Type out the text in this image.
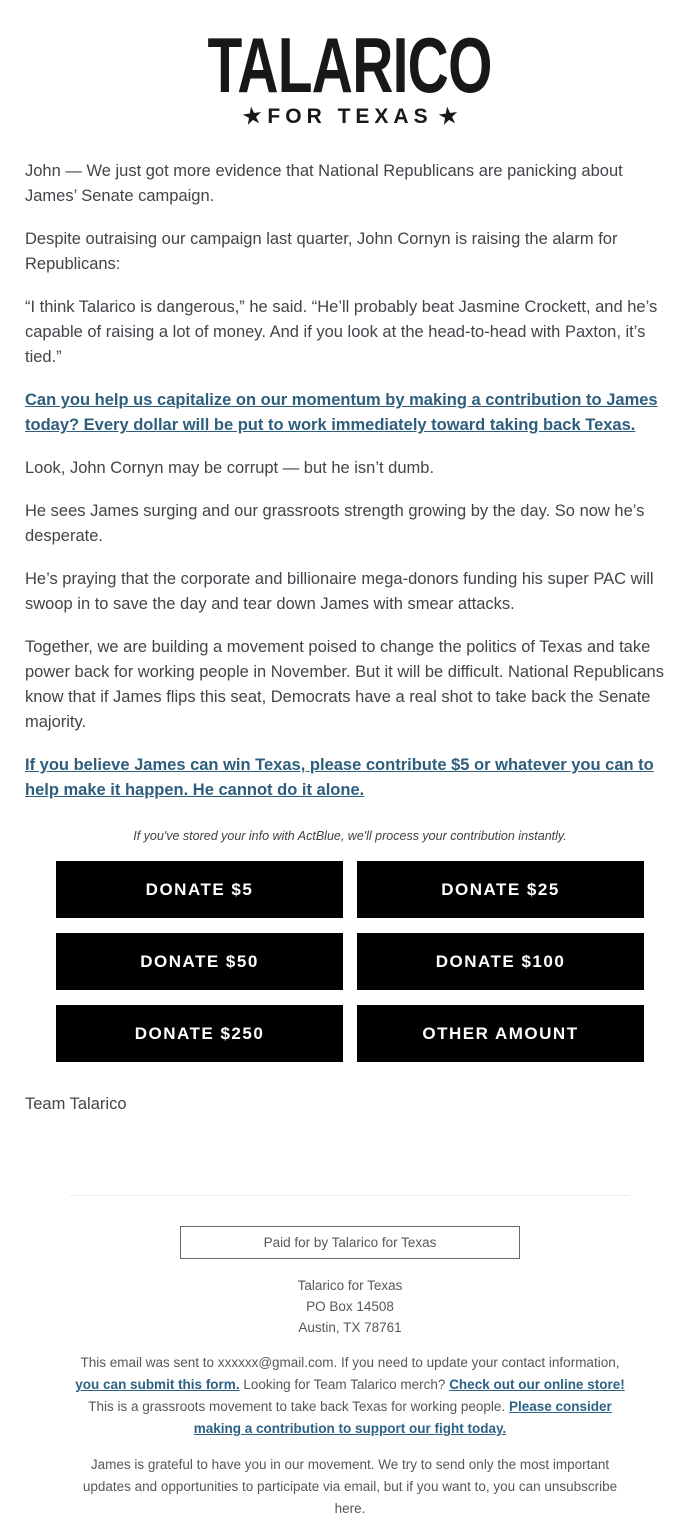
TALARICO
★ FOR TEXAS ★

John — We just got more evidence that National Republicans are panicking about James’ Senate campaign.

Despite outraising our campaign last quarter, John Cornyn is raising the alarm for Republicans:

“I think Talarico is dangerous,” he said. “He’ll probably beat Jasmine Crockett, and he’s capable of raising a lot of money. And if you look at the head-to-head with Paxton, it’s tied.”

Can you help us capitalize on our momentum by making a contribution to James today? Every dollar will be put to work immediately toward taking back Texas.

Look, John Cornyn may be corrupt — but he isn’t dumb.

He sees James surging and our grassroots strength growing by the day. So now he’s desperate.

He’s praying that the corporate and billionaire mega-donors funding his super PAC will swoop in to save the day and tear down James with smear attacks.

Together, we are building a movement poised to change the politics of Texas and take power back for working people in November. But it will be difficult. National Republicans know that if James flips this seat, Democrats have a real shot to take back the Senate majority.

If you believe James can win Texas, please contribute $5 or whatever you can to help make it happen. He cannot do it alone.

If you've stored your info with ActBlue, we'll process your contribution instantly.
DONATE $5	DONATE $25
DONATE $50	DONATE $100
DONATE $250	OTHER AMOUNT
Team Talarico
Paid for by Talarico for Texas
Talarico for Texas
PO Box 14508
Austin, TX 78761
This email was sent to xxxxxx@gmail.com. If you need to update your contact information, you can submit this form. Looking for Team Talarico merch? Check out our online store! This is a grassroots movement to take back Texas for working people. Please consider making a contribution to support our fight today.
James is grateful to have you in our movement. We try to send only the most important updates and opportunities to participate via email, but if you want to, you can unsubscribe here.
